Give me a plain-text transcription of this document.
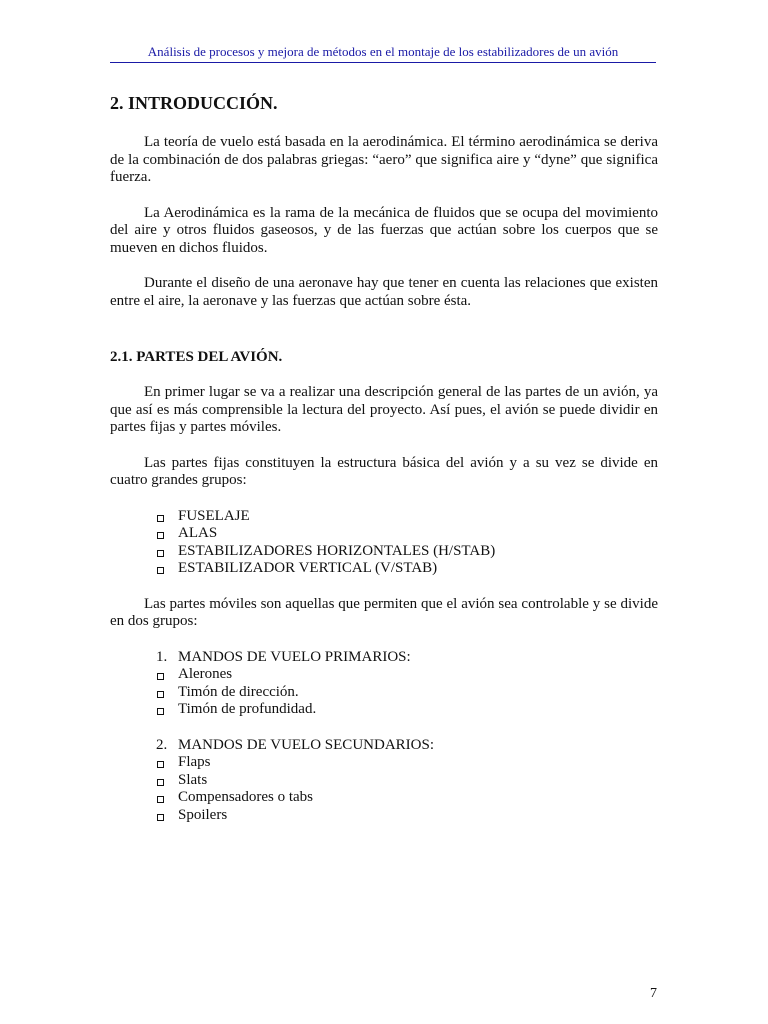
Análisis de procesos y mejora de métodos en el montaje de los estabilizadores de un avión
2. INTRODUCCIÓN.

La teoría de vuelo está basada en la aerodinámica. El término aerodinámica se deriva de la combinación de dos palabras griegas: “aero” que significa aire y “dyne” que significa fuerza.

La Aerodinámica es la rama de la mecánica de fluidos que se ocupa del movimiento del aire y otros fluidos gaseosos, y de las fuerzas que actúan sobre los cuerpos que se mueven en dichos fluidos.

Durante el diseño de una aeronave hay que tener en cuenta las relaciones que existen entre el aire, la aeronave y las fuerzas que actúan sobre ésta.

2.1. PARTES DEL AVIÓN.

En primer lugar se va a realizar una descripción general de las partes de un avión, ya que así es más comprensible la lectura del proyecto. Así pues, el avión se puede dividir en partes fijas y partes móviles.

Las partes fijas constituyen la estructura básica del avión y a su vez se divide en cuatro grandes grupos:

FUSELAJE
ALAS
ESTABILIZADORES HORIZONTALES (H/STAB)
ESTABILIZADOR VERTICAL (V/STAB)

Las partes móviles son aquellas que permiten que el avión sea controlable y se divide en dos grupos:

1. MANDOS DE VUELO PRIMARIOS:
Alerones
Timón de dirección.
Timón de profundidad.
2. MANDOS DE VUELO SECUNDARIOS:
Flaps
Slats
Compensadores o tabs
Spoilers
7
